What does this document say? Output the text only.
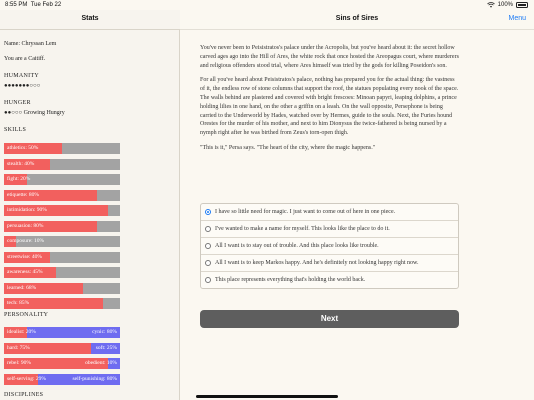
8:55 PM Tue Feb 22	100%
Stats	Sins of Sires	Menu
Name: Chryssan Lem
You are a Caitiff.
HUMANITY
●●●●●●●○○○
HUNGER
●●○○○ Growing Hungry
SKILLS
athletics: 50%
stealth: 40%
fight: 20%
etiquette: 80%
intimidation: 90%
persuasion: 80%
composure: 10%
streetwise: 40%
awareness: 45%
learned: 68%
tech: 85%
PERSONALITY
idealist: 20%	cynic: 80%
hard: 75%	soft: 25%
rebel: 90%	obedient: 10%
self-serving: 29%	self-punishing: 80%
DISCIPLINES

You've never been to Peisistratos's palace under the Acropolis, but you've heard about it: the secret hollow carved ages ago into the Hill of Ares, the white rock that once hosted the Areopagus court, where murderers and religious offenders stood trial, where Ares himself was tried by the gods for killing Poseidon's son.

For all you've heard about Peisistratos's palace, nothing has prepared you for the actual thing: the vastness of it, the endless row of stone columns that support the roof, the statues populating every nook of the space. The walls behind are plastered and covered with bright frescoes: Minoan papyri, leaping dolphins, a prince holding lilies in one hand, on the other a griffin on a leash. On the wall opposite, Persephone is being carried to the Underworld by Hades, watched over by Hermes, guide to the souls. Next, the Furies hound Orestes for the murder of his mother, and next to him Dionysus the twice-fathered is being nursed by a nymph right after he was birthed from Zeus's torn-open thigh.

"This is it," Persa says. "The heart of the city, where the magic happens."

I have so little need for magic. I just want to come out of here in one piece.
I've wanted to make a name for myself. This looks like the place to do it.
All I want is to stay out of trouble. And this place looks like trouble.
All I want is to keep Markos happy. And he's definitely not looking happy right now.
This place represents everything that's holding the world back.
Next
